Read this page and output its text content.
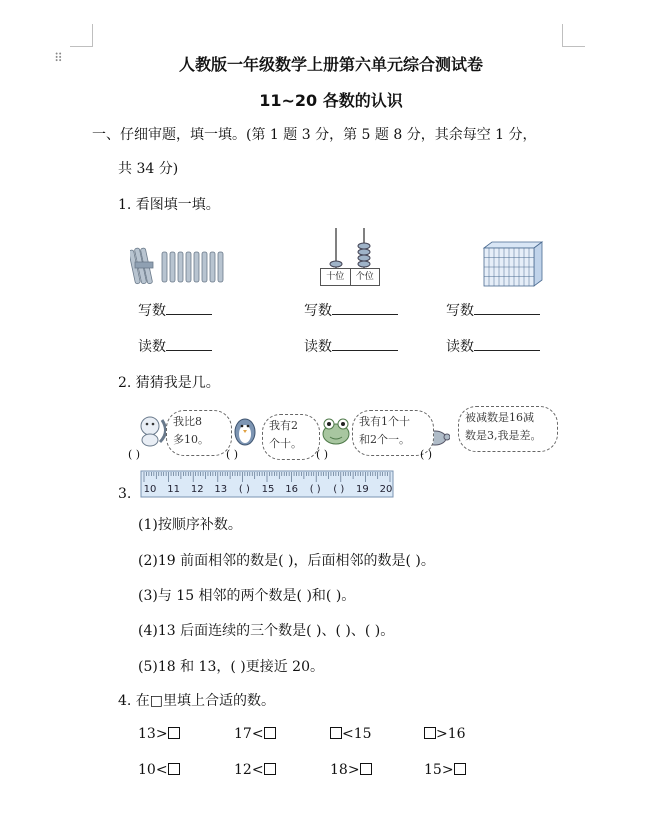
⠿	人教版一年级数学上册第六单元综合测试卷
11~20 各数的认识
一、仔细审题，填一填。(第 1 题 3 分，第 5 题 8 分，其余每空 1 分，
共 34 分)
1. 看图填一填。
十位	个位
写数	写数	写数
读数	读数	读数
2. 猜猜我是几。
我比8
多10。
我有2
个十。
我有1个十
和2个一。
被减数是16减
数是3,我是差。
( )	( )	( )	( )
3. 10 11 12 13 ( ) 15 16 ( ) ( ) 19 20
(1)按顺序补数。
(2)19 前面相邻的数是( )，后面相邻的数是( )。
(3)与 15 相邻的两个数是( )和( )。
(4)13 后面连续的三个数是( )、( )、( )。
(5)18 和 13，( )更接近 20。
4. 在□里填上合适的数。
13>	17<	<15	>16
10<	12<	18>	15>
